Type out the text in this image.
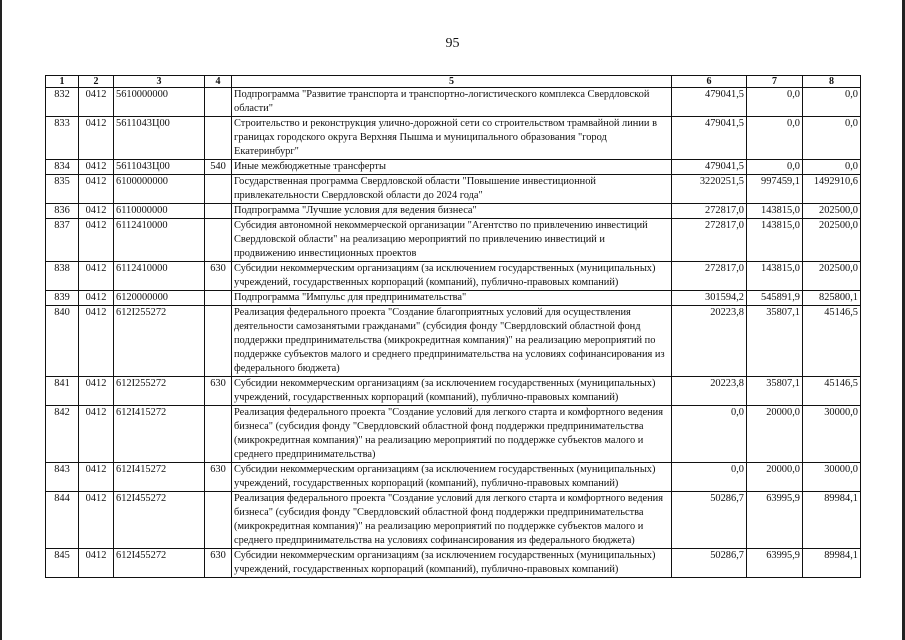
95
1	2	3	4	5	6	7	8
832	0412	5610000000		Подпрограмма "Развитие транспорта и транспортно-логистического комплекса Свердловской области"	479041,5	0,0	0,0
833	0412	5611043Ц00		Строительство и реконструкция улично-дорожной сети со строительством трамвайной линии в границах городского округа Верхняя Пышма и муниципального образования "город Екатеринбург"	479041,5	0,0	0,0
834	0412	5611043Ц00	540	Иные межбюджетные трансферты	479041,5	0,0	0,0
835	0412	6100000000		Государственная программа Свердловской области "Повышение инвестиционной привлекательности Свердловской области до 2024 года"	3220251,5	997459,1	1492910,6
836	0412	6110000000		Подпрограмма "Лучшие условия для ведения бизнеса"	272817,0	143815,0	202500,0
837	0412	6112410000		Субсидия автономной некоммерческой организации "Агентство по привлечению инвестиций Свердловской области" на реализацию мероприятий по привлечению инвестиций и продвижению инвестиционных проектов	272817,0	143815,0	202500,0
838	0412	6112410000	630	Субсидии некоммерческим организациям (за исключением государственных (муниципальных) учреждений, государственных корпораций (компаний), публично-правовых компаний)	272817,0	143815,0	202500,0
839	0412	6120000000		Подпрограмма "Импульс для предпринимательства"	301594,2	545891,9	825800,1
840	0412	612I255272		Реализация федерального проекта "Создание благоприятных условий для осуществления деятельности самозанятыми гражданами" (субсидия фонду "Свердловский областной фонд поддержки предпринимательства (микрокредитная компания)" на реализацию мероприятий по поддержке субъектов малого и среднего предпринимательства на условиях софинансирования из федерального бюджета)	20223,8	35807,1	45146,5
841	0412	612I255272	630	Субсидии некоммерческим организациям (за исключением государственных (муниципальных) учреждений, государственных корпораций (компаний), публично-правовых компаний)	20223,8	35807,1	45146,5
842	0412	612I415272		Реализация федерального проекта "Создание условий для легкого старта и комфортного ведения бизнеса" (субсидия фонду "Свердловский областной фонд поддержки предпринимательства (микрокредитная компания)" на реализацию мероприятий по поддержке субъектов малого и среднего предпринимательства)	0,0	20000,0	30000,0
843	0412	612I415272	630	Субсидии некоммерческим организациям (за исключением государственных (муниципальных) учреждений, государственных корпораций (компаний), публично-правовых компаний)	0,0	20000,0	30000,0
844	0412	612I455272		Реализация федерального проекта "Создание условий для легкого старта и комфортного ведения бизнеса" (субсидия фонду "Свердловский областной фонд поддержки предпринимательства (микрокредитная компания)" на реализацию мероприятий по поддержке субъектов малого и среднего предпринимательства на условиях софинансирования из федерального бюджета)	50286,7	63995,9	89984,1
845	0412	612I455272	630	Субсидии некоммерческим организациям (за исключением государственных (муниципальных) учреждений, государственных корпораций (компаний), публично-правовых компаний)	50286,7	63995,9	89984,1
